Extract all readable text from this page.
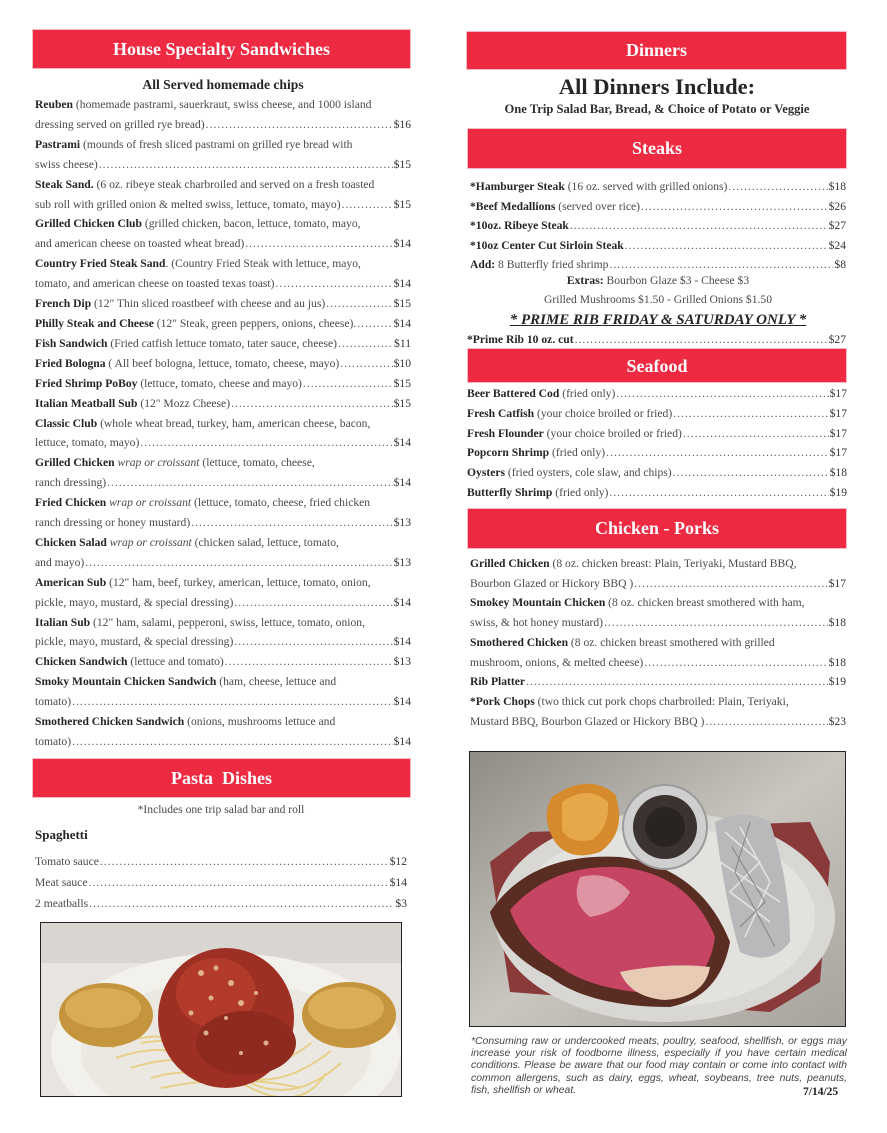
House Specialty Sandwiches
All Served homemade chips
Reuben (homemade pastrami, sauerkraut, swiss cheese, and 1000 island
dressing served on grilled rye bread) .....	$16
Pastrami (mounds of fresh sliced pastrami on grilled rye bread with
swiss cheese) .....	$15
Steak Sand. (6 oz. ribeye steak charbroiled and served on a fresh toasted
sub roll with grilled onion & melted swiss, lettuce, tomato, mayo) .....	$15
Grilled Chicken Club (grilled chicken, bacon, lettuce, tomato, mayo,
and american cheese on toasted wheat bread) .....	$14
Country Fried Steak Sand. (Country Fried Steak with lettuce, mayo,
tomato, and american cheese on toasted texas toast) .....	$14
French Dip (12" Thin sliced roastbeef with cheese and au jus) .....	$15
Philly Steak and Cheese (12" Steak, green peppers, onions, cheese). .....	$14
Fish Sandwich (Fried catfish lettuce tomato, tater sauce, cheese) .....	$11
Fried Bologna ( All beef bologna, lettuce, tomato, cheese, mayo) .....	$10
Fried Shrimp PoBoy (lettuce, tomato, cheese and mayo) .....	$15
Italian Meatball Sub (12" Mozz Cheese) .....	$15
Classic Club (whole wheat bread, turkey, ham, american cheese, bacon,
lettuce, tomato, mayo) .....	$14
Grilled Chicken wrap or croissant (lettuce, tomato, cheese,
ranch dressing) .....	$14
Fried Chicken wrap or croissant (lettuce, tomato, cheese, fried chicken
ranch dressing or honey mustard) .....	$13
Chicken Salad wrap or croissant (chicken salad, lettuce, tomato,
and mayo) .....	$13
American Sub (12" ham, beef, turkey, american, lettuce, tomato, onion,
pickle, mayo, mustard, & special dressing) .....	$14
Italian Sub (12" ham, salami, pepperoni, swiss, lettuce, tomato, onion,
pickle, mayo, mustard, & special dressing) .....	$14
Chicken Sandwich (lettuce and tomato) .....	$13
Smoky Mountain Chicken Sandwich (ham, cheese, lettuce and
tomato) .....	$14
Smothered Chicken Sandwich (onions, mushrooms lettuce and
tomato) .....	$14
Pasta  Dishes
*Includes one trip salad bar and roll
Spaghetti
Tomato sauce .....	$12
Meat sauce .....	$14
2 meatballs .....	$3
Dinners
All Dinners Include:
One Trip Salad Bar, Bread, & Choice of Potato or Veggie
Steaks
*Hamburger Steak (16 oz. served with grilled onions) .....	$18
*Beef Medallions (served over rice) .....	$26
*10oz. Ribeye Steak .....	$27
*10oz Center Cut Sirloin Steak .....	$24
Add: 8 Butterfly fried shrimp .....	$8
Extras: Bourbon Glaze $3 - Cheese $3
Grilled Mushrooms $1.50 - Grilled Onions $1.50
* PRIME RIB FRIDAY & SATURDAY ONLY *
*Prime Rib 10 oz. cut .....	$27
Seafood
Beer Battered Cod (fried only) .....	$17
Fresh Catfish (your choice broiled or fried) .....	$17
Fresh Flounder (your choice broiled or fried) .....	$17
Popcorn Shrimp (fried only) .....	$17
Oysters (fried oysters, cole slaw, and chips) .....	$18
Butterfly Shrimp (fried only) .....	$19
Chicken - Porks
Grilled Chicken (8 oz. chicken breast: Plain, Teriyaki, Mustard BBQ,
Bourbon Glazed or Hickory BBQ ) .....	$17
Smokey Mountain Chicken (8 oz. chicken breast smothered with ham,
swiss, & hot honey mustard) .....	$18
Smothered Chicken (8 oz. chicken breast smothered with grilled
mushroom, onions, & melted cheese) .....	$18
Rib Platter .....	$19
*Pork Chops (two thick cut pork chops charbroiled: Plain, Teriyaki,
Mustard BBQ, Bourbon Glazed or Hickory BBQ ) .....	$23
*Consuming raw or undercooked meats, poultry, seafood, shellfish, or eggs may increase your risk of foodborne illness, especially if you have certain medical conditions. Please be aware that our food may contain or come into contact with common allergens, such as dairy, eggs, wheat, soybeans, tree nuts, peanuts, fish, shellfish or wheat.	7/14/25
